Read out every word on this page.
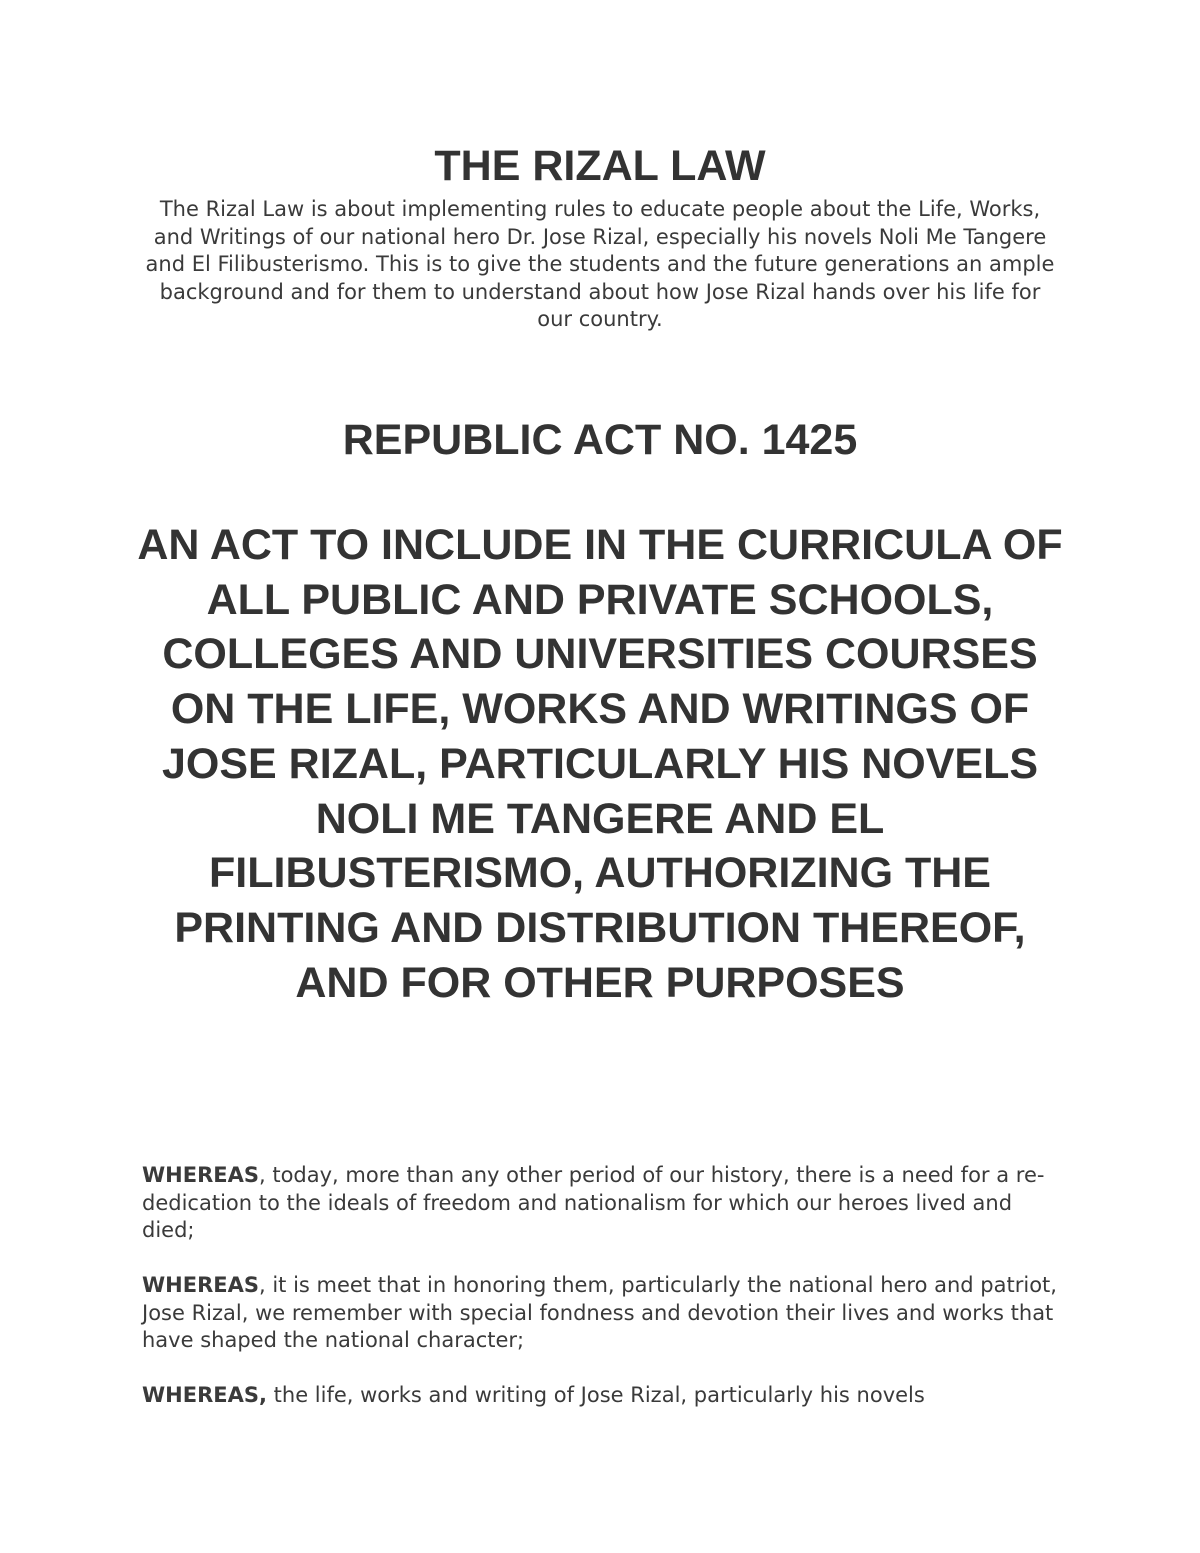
THE RIZAL LAW

The Rizal Law is about implementing rules to educate people about the Life, Works, and Writings of our national hero Dr. Jose Rizal, especially his novels Noli Me Tangere and El Filibusterismo. This is to give the students and the future generations an ample background and for them to understand about how Jose Rizal hands over his life for our country.

REPUBLIC ACT NO. 1425
AN ACT TO INCLUDE IN THE CURRICULA OF ALL PUBLIC AND PRIVATE SCHOOLS, COLLEGES AND UNIVERSITIES COURSES ON THE LIFE, WORKS AND WRITINGS OF JOSE RIZAL, PARTICULARLY HIS NOVELS NOLI ME TANGERE AND EL FILIBUSTERISMO, AUTHORIZING THE PRINTING AND DISTRIBUTION THEREOF, AND FOR OTHER PURPOSES

WHEREAS, today, more than any other period of our history, there is a need for a re-dedication to the ideals of freedom and nationalism for which our heroes lived and died;

WHEREAS, it is meet that in honoring them, particularly the national hero and patriot, Jose Rizal, we remember with special fondness and devotion their lives and works that have shaped the national character;

WHEREAS, the life, works and writing of Jose Rizal, particularly his novels
